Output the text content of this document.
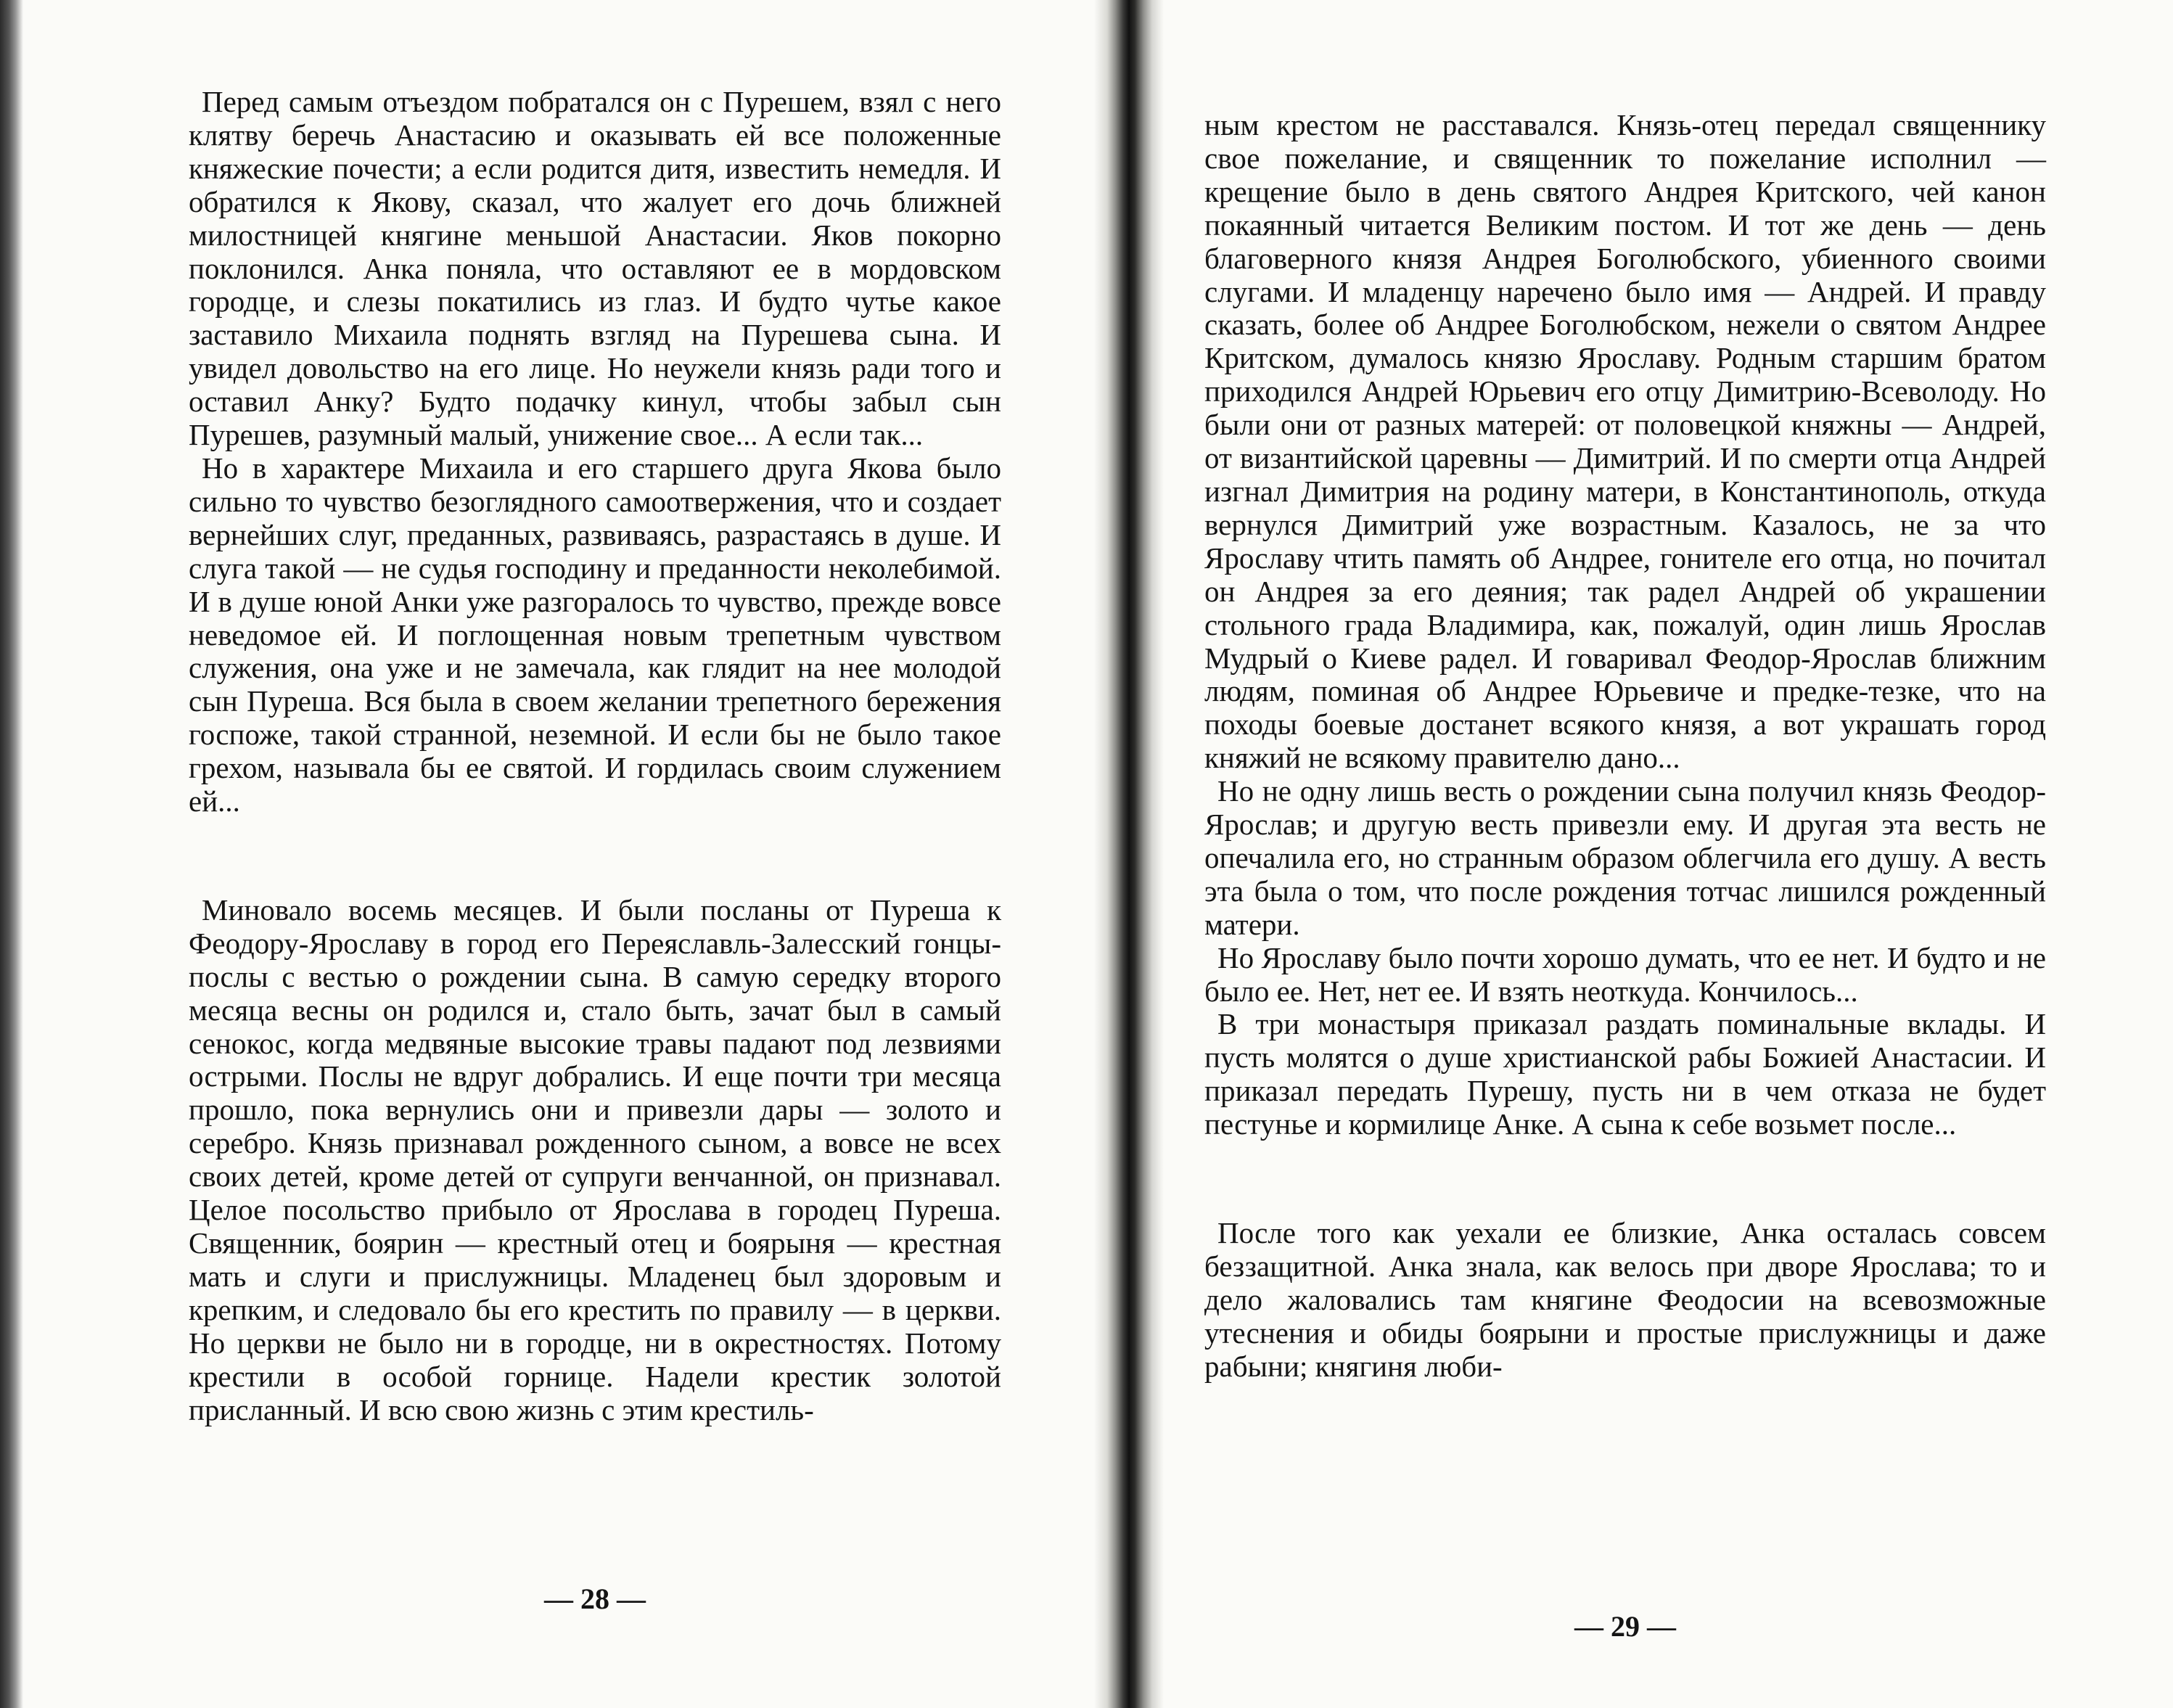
Перед самым отъездом побратался он с Пурешем, взял с него клятву беречь Анастасию и оказывать ей все положенные княжеские почести; а если родится дитя, известить немедля. И обратился к Якову, сказал, что жалует его дочь ближней милостницей княгине меньшой Анастасии. Яков покорно поклонился. Анка поняла, что оставляют ее в мордовском городце, и слезы покатились из глаз. И будто чутье какое заставило Михаила поднять взгляд на Пурешева сына. И увидел довольство на его лице. Но неужели князь ради того и оставил Анку? Будто подачку кинул, чтобы забыл сын Пурешев, разумный малый, унижение свое... А если так...

Но в характере Михаила и его старшего друга Якова было сильно то чувство безоглядного самоотвержения, что и создает вернейших слуг, преданных, развиваясь, разрастаясь в душе. И слуга такой — не судья господину и преданности неколебимой. И в душе юной Анки уже разгоралось то чувство, прежде вовсе неведомое ей. И поглощенная новым трепетным чувством служения, она уже и не замечала, как глядит на нее молодой сын Пуреша. Вся была в своем желании трепетного бережения госпоже, такой странной, неземной. И если бы не было такое грехом, называла бы ее святой. И гордилась своим служением ей...

Миновало восемь месяцев. И были посланы от Пуреша к Феодору-Ярославу в город его Переяславль-Залесский гонцы-послы с вестью о рождении сына. В самую середку второго месяца весны он родился и, стало быть, зачат был в самый сенокос, когда медвяные высокие травы падают под лезвиями острыми. Послы не вдруг добрались. И еще почти три месяца прошло, пока вернулись они и привезли дары — золото и серебро. Князь признавал рожденного сыном, а вовсе не всех своих детей, кроме детей от супруги венчанной, он признавал. Целое посольство прибыло от Ярослава в городец Пуреша. Священник, боярин — крестный отец и боярыня — крестная мать и слуги и прислужницы. Младенец был здоровым и крепким, и следовало бы его крестить по правилу — в церкви. Но церкви не было ни в городце, ни в окрестностях. Потому крестили в особой горнице. Надели крестик золотой присланный. И всю свою жизнь с этим крестиль-

— 28 —

ным крестом не расставался. Князь-отец передал священнику свое пожелание, и священник то пожелание исполнил — крещение было в день святого Андрея Критского, чей канон покаянный читается Великим постом. И тот же день — день благоверного князя Андрея Боголюбского, убиенного своими слугами. И младенцу наречено было имя — Андрей. И правду сказать, более об Андрее Боголюбском, нежели о святом Андрее Критском, думалось князю Ярославу. Родным старшим братом приходился Андрей Юрьевич его отцу Димитрию-Всеволоду. Но были они от разных матерей: от половецкой княжны — Андрей, от византийской царевны — Димитрий. И по смерти отца Андрей изгнал Димитрия на родину матери, в Константинополь, откуда вернулся Димитрий уже возрастным. Казалось, не за что Ярославу чтить память об Андрее, гонителе его отца, но почитал он Андрея за его деяния; так радел Андрей об украшении стольного града Владимира, как, пожалуй, один лишь Ярослав Мудрый о Киеве радел. И говаривал Феодор-Ярослав ближним людям, поминая об Андрее Юрьевиче и предке-тезке, что на походы боевые достанет всякого князя, а вот украшать город княжий не всякому правителю дано...

Но не одну лишь весть о рождении сына получил князь Феодор-Ярослав; и другую весть привезли ему. И другая эта весть не опечалила его, но странным образом облегчила его душу. А весть эта была о том, что после рождения тотчас лишился рожденный матери.

Но Ярославу было почти хорошо думать, что ее нет. И будто и не было ее. Нет, нет ее. И взять неоткуда. Кончилось...

В три монастыря приказал раздать поминальные вклады. И пусть молятся о душе христианской рабы Божией Анастасии. И приказал передать Пурешу, пусть ни в чем отказа не будет пестунье и кормилице Анке. А сына к себе возьмет после...

После того как уехали ее близкие, Анка осталась совсем беззащитной. Анка знала, как велось при дворе Ярослава; то и дело жаловались там княгине Феодосии на всевозможные утеснения и обиды боярыни и простые прислужницы и даже рабыни; княгиня люби-

— 29 —
